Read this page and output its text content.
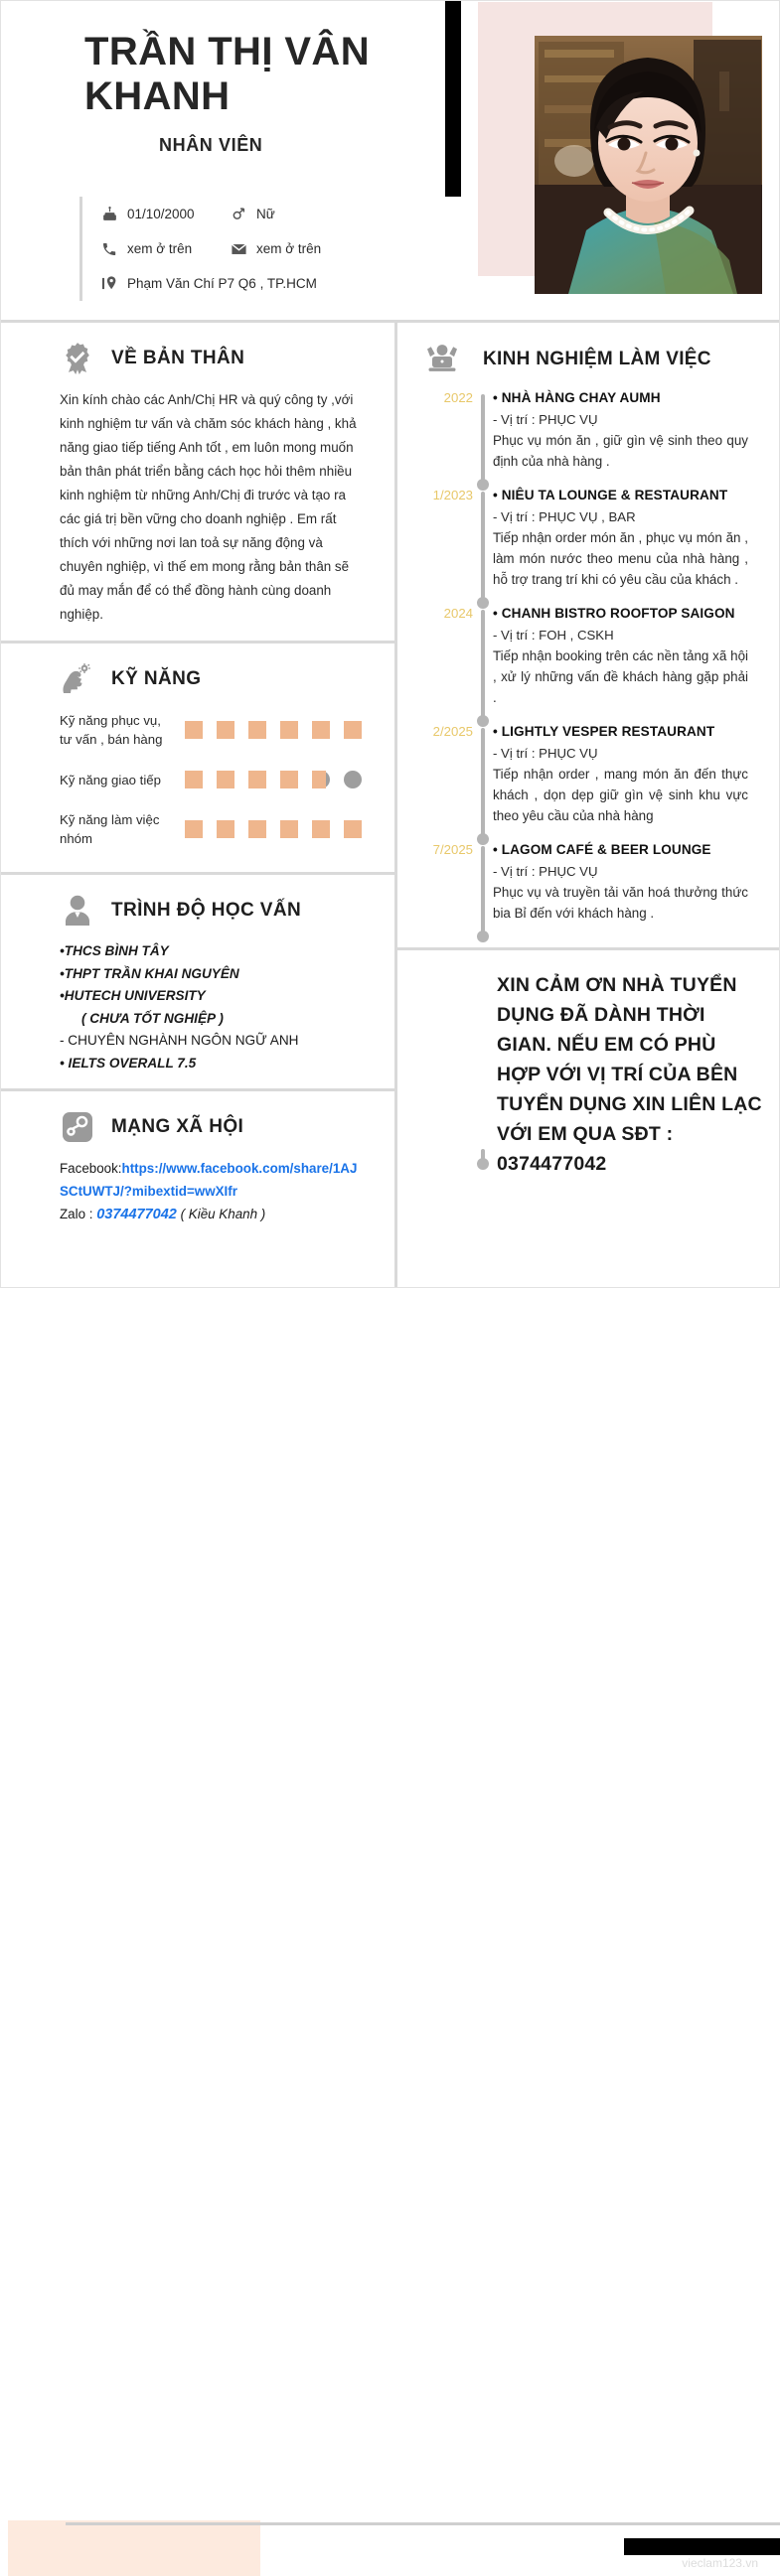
TRẦN THỊ VÂN KHANH
NHÂN VIÊN
01/10/2000	Nữ
xem ở trên	xem ở trên
Phạm Văn Chí P7 Q6 , TP.HCM
VỀ BẢN THÂN

Xin kính chào các Anh/Chị HR và quý công ty ,với kinh nghiệm tư vấn và chăm sóc khách hàng , khả năng giao tiếp tiếng Anh tốt , em luôn mong muốn bản thân phát triển bằng cách học hỏi thêm nhiều kinh nghiệm từ những Anh/Chị đi trước và tạo ra các giá trị bền vững cho doanh nghiệp . Em rất thích với những nơi lan toả sự năng động và chuyên nghiệp, vì thế em mong rằng bản thân sẽ đủ may mắn để có thể đồng hành cùng doanh nghiệp.

KỸ NĂNG
Kỹ năng phục vụ, tư vấn , bán hàng
Kỹ năng giao tiếp
Kỹ năng làm việc nhóm
TRÌNH ĐỘ HỌC VẤN
•THCS BÌNH TÂY
•THPT TRẦN KHAI NGUYÊN
•HUTECH UNIVERSITY
( CHƯA TỐT NGHIỆP )
- CHUYÊN NGHÀNH NGÔN NGỮ ANH
• IELTS OVERALL 7.5
MẠNG XÃ HỘI
Facebook:https://www.facebook.com/share/1AJSCtUWTJ/?mibextid=wwXIfr
Zalo : 0374477042 ( Kiều Khanh )
KINH NGHIỆM LÀM VIỆC
2022 • NHÀ HÀNG CHAY AUMH
- Vị trí : PHỤC VỤ
Phục vụ món ăn , giữ gìn vệ sinh theo quy định của nhà hàng .
1/2023 • NIÊU TA LOUNGE & RESTAURANT
- Vị trí : PHỤC VỤ , BAR
Tiếp nhận order món ăn , phục vụ món ăn , làm món nước theo menu của nhà hàng , hỗ trợ trang trí khi có yêu cầu của khách .
2024 • CHANH BISTRO ROOFTOP SAIGON
- Vị trí : FOH , CSKH
Tiếp nhận booking trên các nền tảng xã hội , xử lý những vấn đề khách hàng gặp phải .
2/2025 • LIGHTLY VESPER RESTAURANT
- Vị trí : PHỤC VỤ
Tiếp nhận order , mang món ăn đến thực khách , dọn dẹp giữ gìn vệ sinh khu vực theo yêu cầu của nhà hàng
7/2025 • LAGOM CAFÉ & BEER LOUNGE
- Vị trí : PHỤC VỤ
Phục vụ và truyền tải văn hoá thưởng thức bia Bỉ đến với khách hàng .
XIN CẢM ƠN NHÀ TUYỂN DỤNG ĐÃ DÀNH THỜI GIAN. NẾU EM CÓ PHÙ HỢP VỚI VỊ TRÍ CỦA BÊN TUYỂN DỤNG XIN LIÊN LẠC VỚI EM QUA SĐT : 0374477042
vieclam123.vn
